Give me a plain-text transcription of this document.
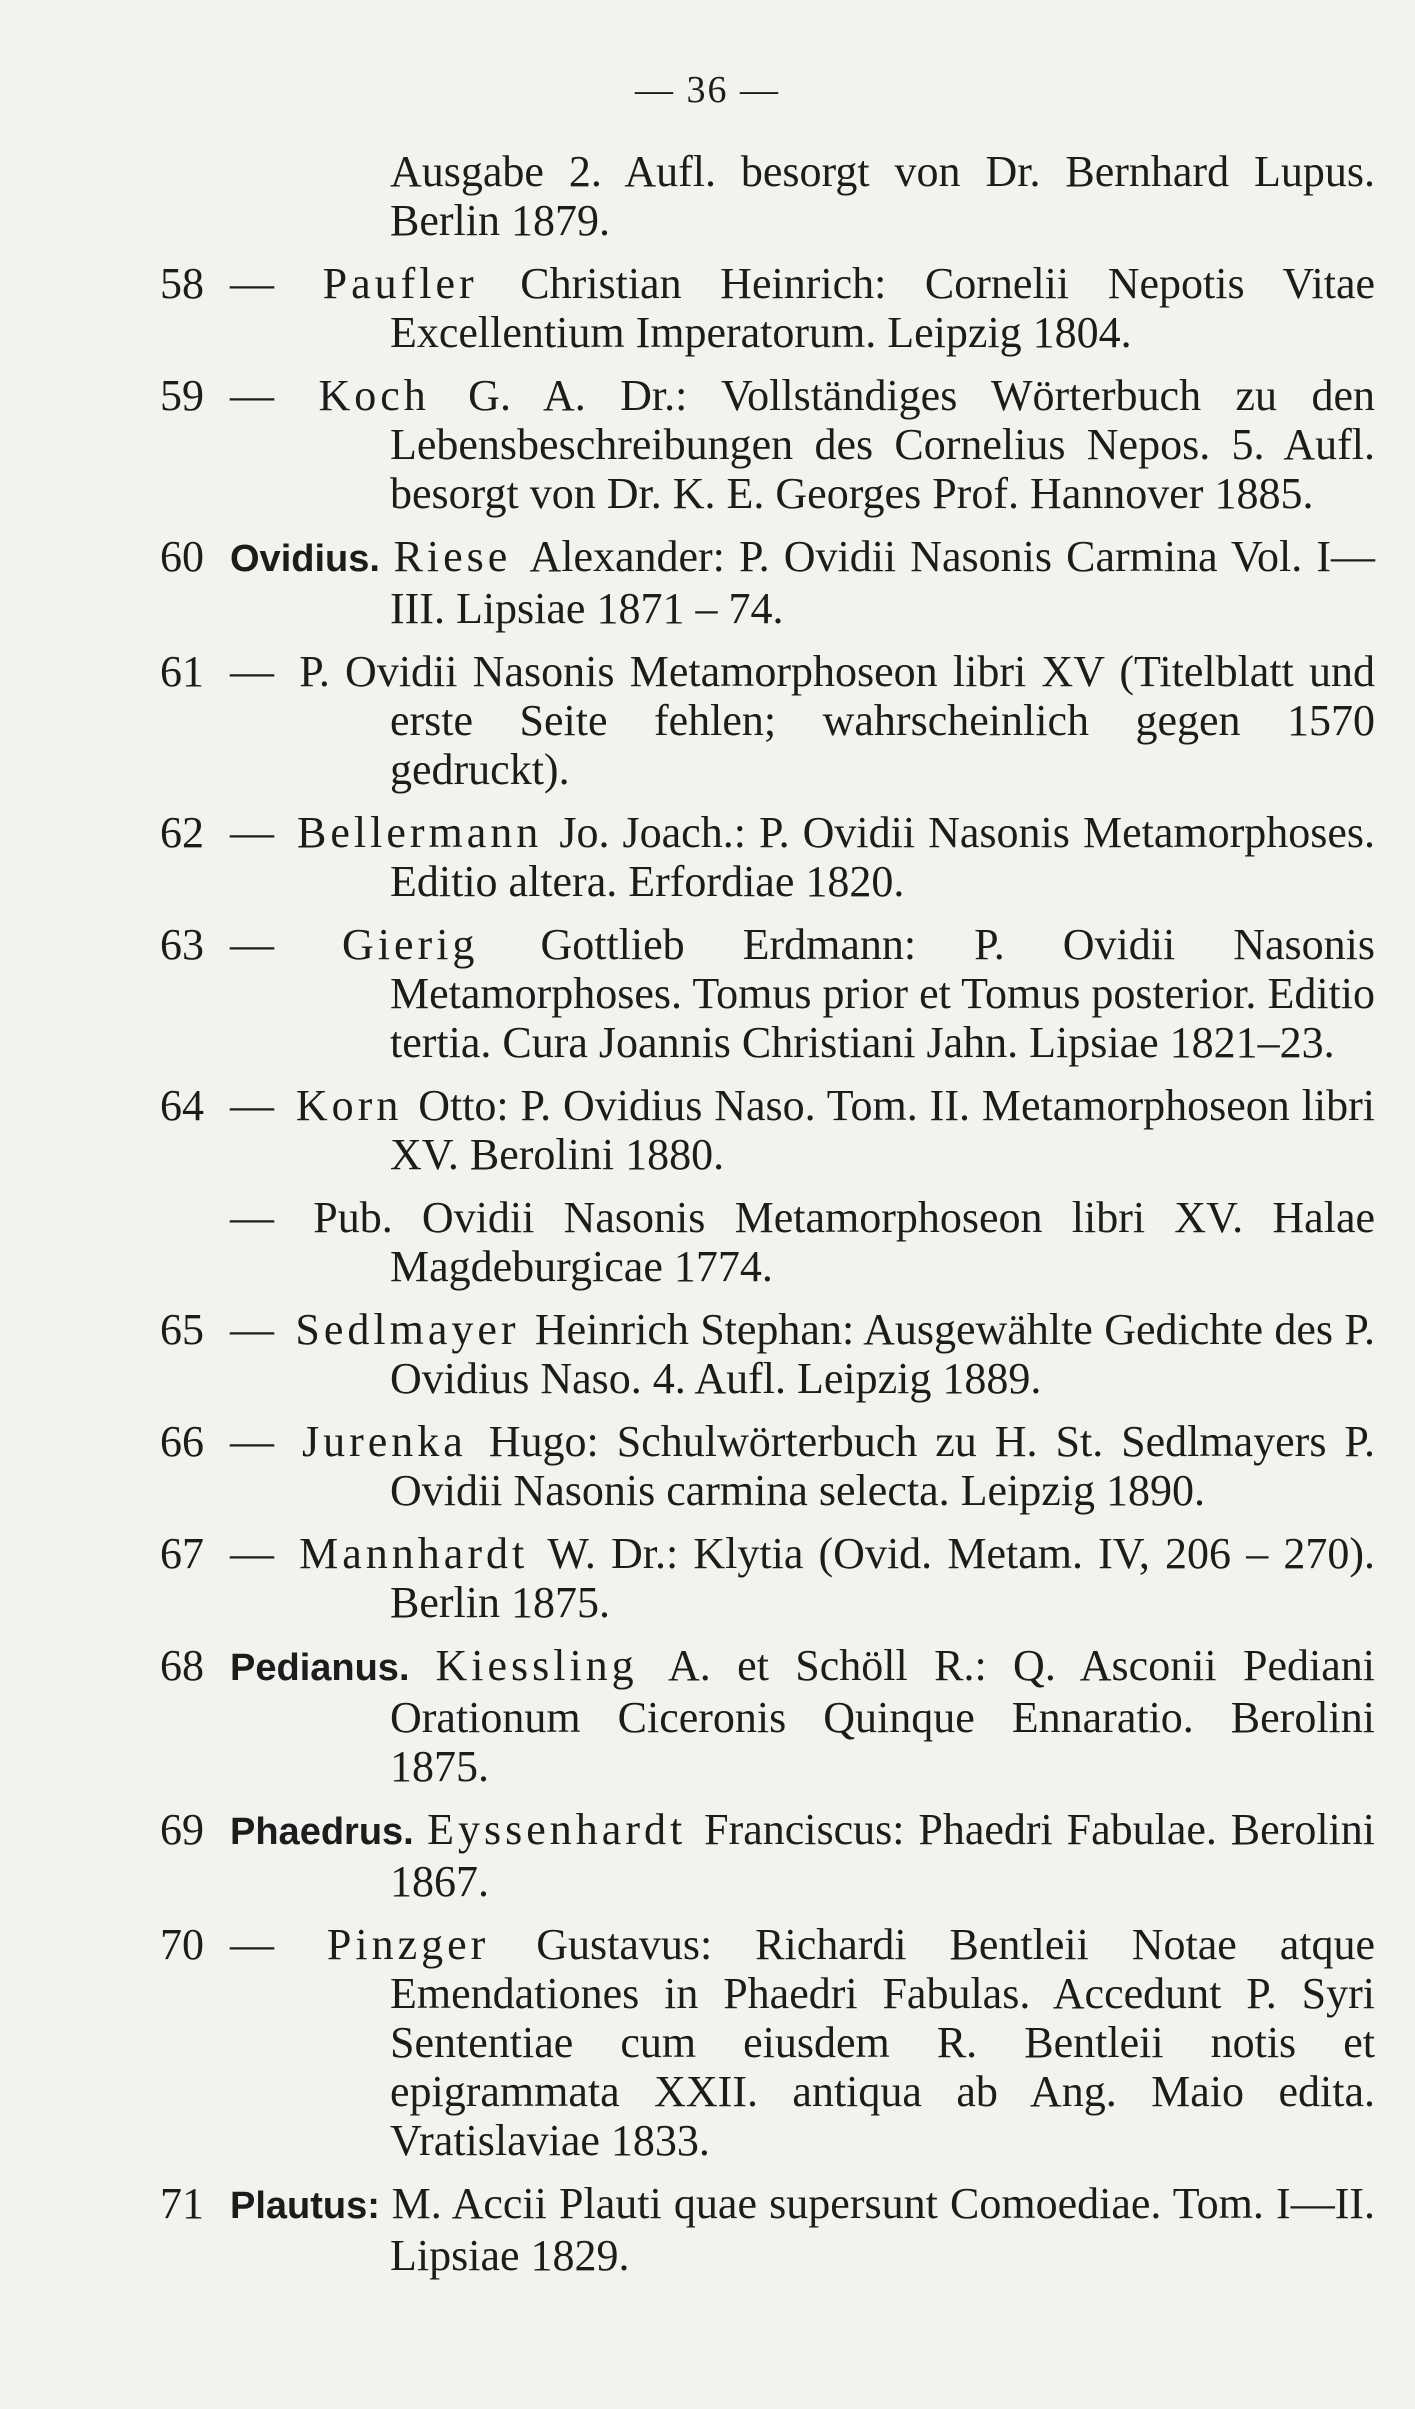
— 36 —
Ausgabe 2. Aufl. besorgt von Dr. Bernhard Lupus. Berlin 1879.
58 — Paufler Christian Heinrich: Cornelii Nepotis Vitae Excellentium Imperatorum. Leipzig 1804.
59 — Koch G. A. Dr.: Vollständiges Wörterbuch zu den Lebensbeschreibungen des Cornelius Nepos. 5. Aufl. besorgt von Dr. K. E. Georges Prof. Hannover 1885.
60 Ovidius. Riese Alexander: P. Ovidii Nasonis Carmina Vol. I—III. Lipsiae 1871 – 74.
61 — P. Ovidii Nasonis Metamorphoseon libri XV (Titelblatt und erste Seite fehlen; wahrscheinlich gegen 1570 gedruckt).
62 — Bellermann Jo. Joach.: P. Ovidii Nasonis Metamorphoses. Editio altera. Erfordiae 1820.
63 — Gierig Gottlieb Erdmann: P. Ovidii Nasonis Metamorphoses. Tomus prior et Tomus posterior. Editio tertia. Cura Joannis Christiani Jahn. Lipsiae 1821–23.
64 — Korn Otto: P. Ovidius Naso. Tom. II. Metamorphoseon libri XV. Berolini 1880.
— Pub. Ovidii Nasonis Metamorphoseon libri XV. Halae Magdeburgicae 1774.
65 — Sedlmayer Heinrich Stephan: Ausgewählte Gedichte des P. Ovidius Naso. 4. Aufl. Leipzig 1889.
66 — Jurenka Hugo: Schulwörterbuch zu H. St. Sedlmayers P. Ovidii Nasonis carmina selecta. Leipzig 1890.
67 — Mannhardt W. Dr.: Klytia (Ovid. Metam. IV, 206 – 270). Berlin 1875.
68 Pedianus. Kiessling A. et Schöll R.: Q. Asconii Pediani Orationum Ciceronis Quinque Ennaratio. Berolini 1875.
69 Phaedrus. Eyssenhardt Franciscus: Phaedri Fabulae. Berolini 1867.
70 — Pinzger Gustavus: Richardi Bentleii Notae atque Emendationes in Phaedri Fabulas. Accedunt P. Syri Sententiae cum eiusdem R. Bentleii notis et epigrammata XXII. antiqua ab Ang. Maio edita. Vratislaviae 1833.
71 Plautus: M. Accii Plauti quae supersunt Comoediae. Tom. I—II. Lipsiae 1829.
